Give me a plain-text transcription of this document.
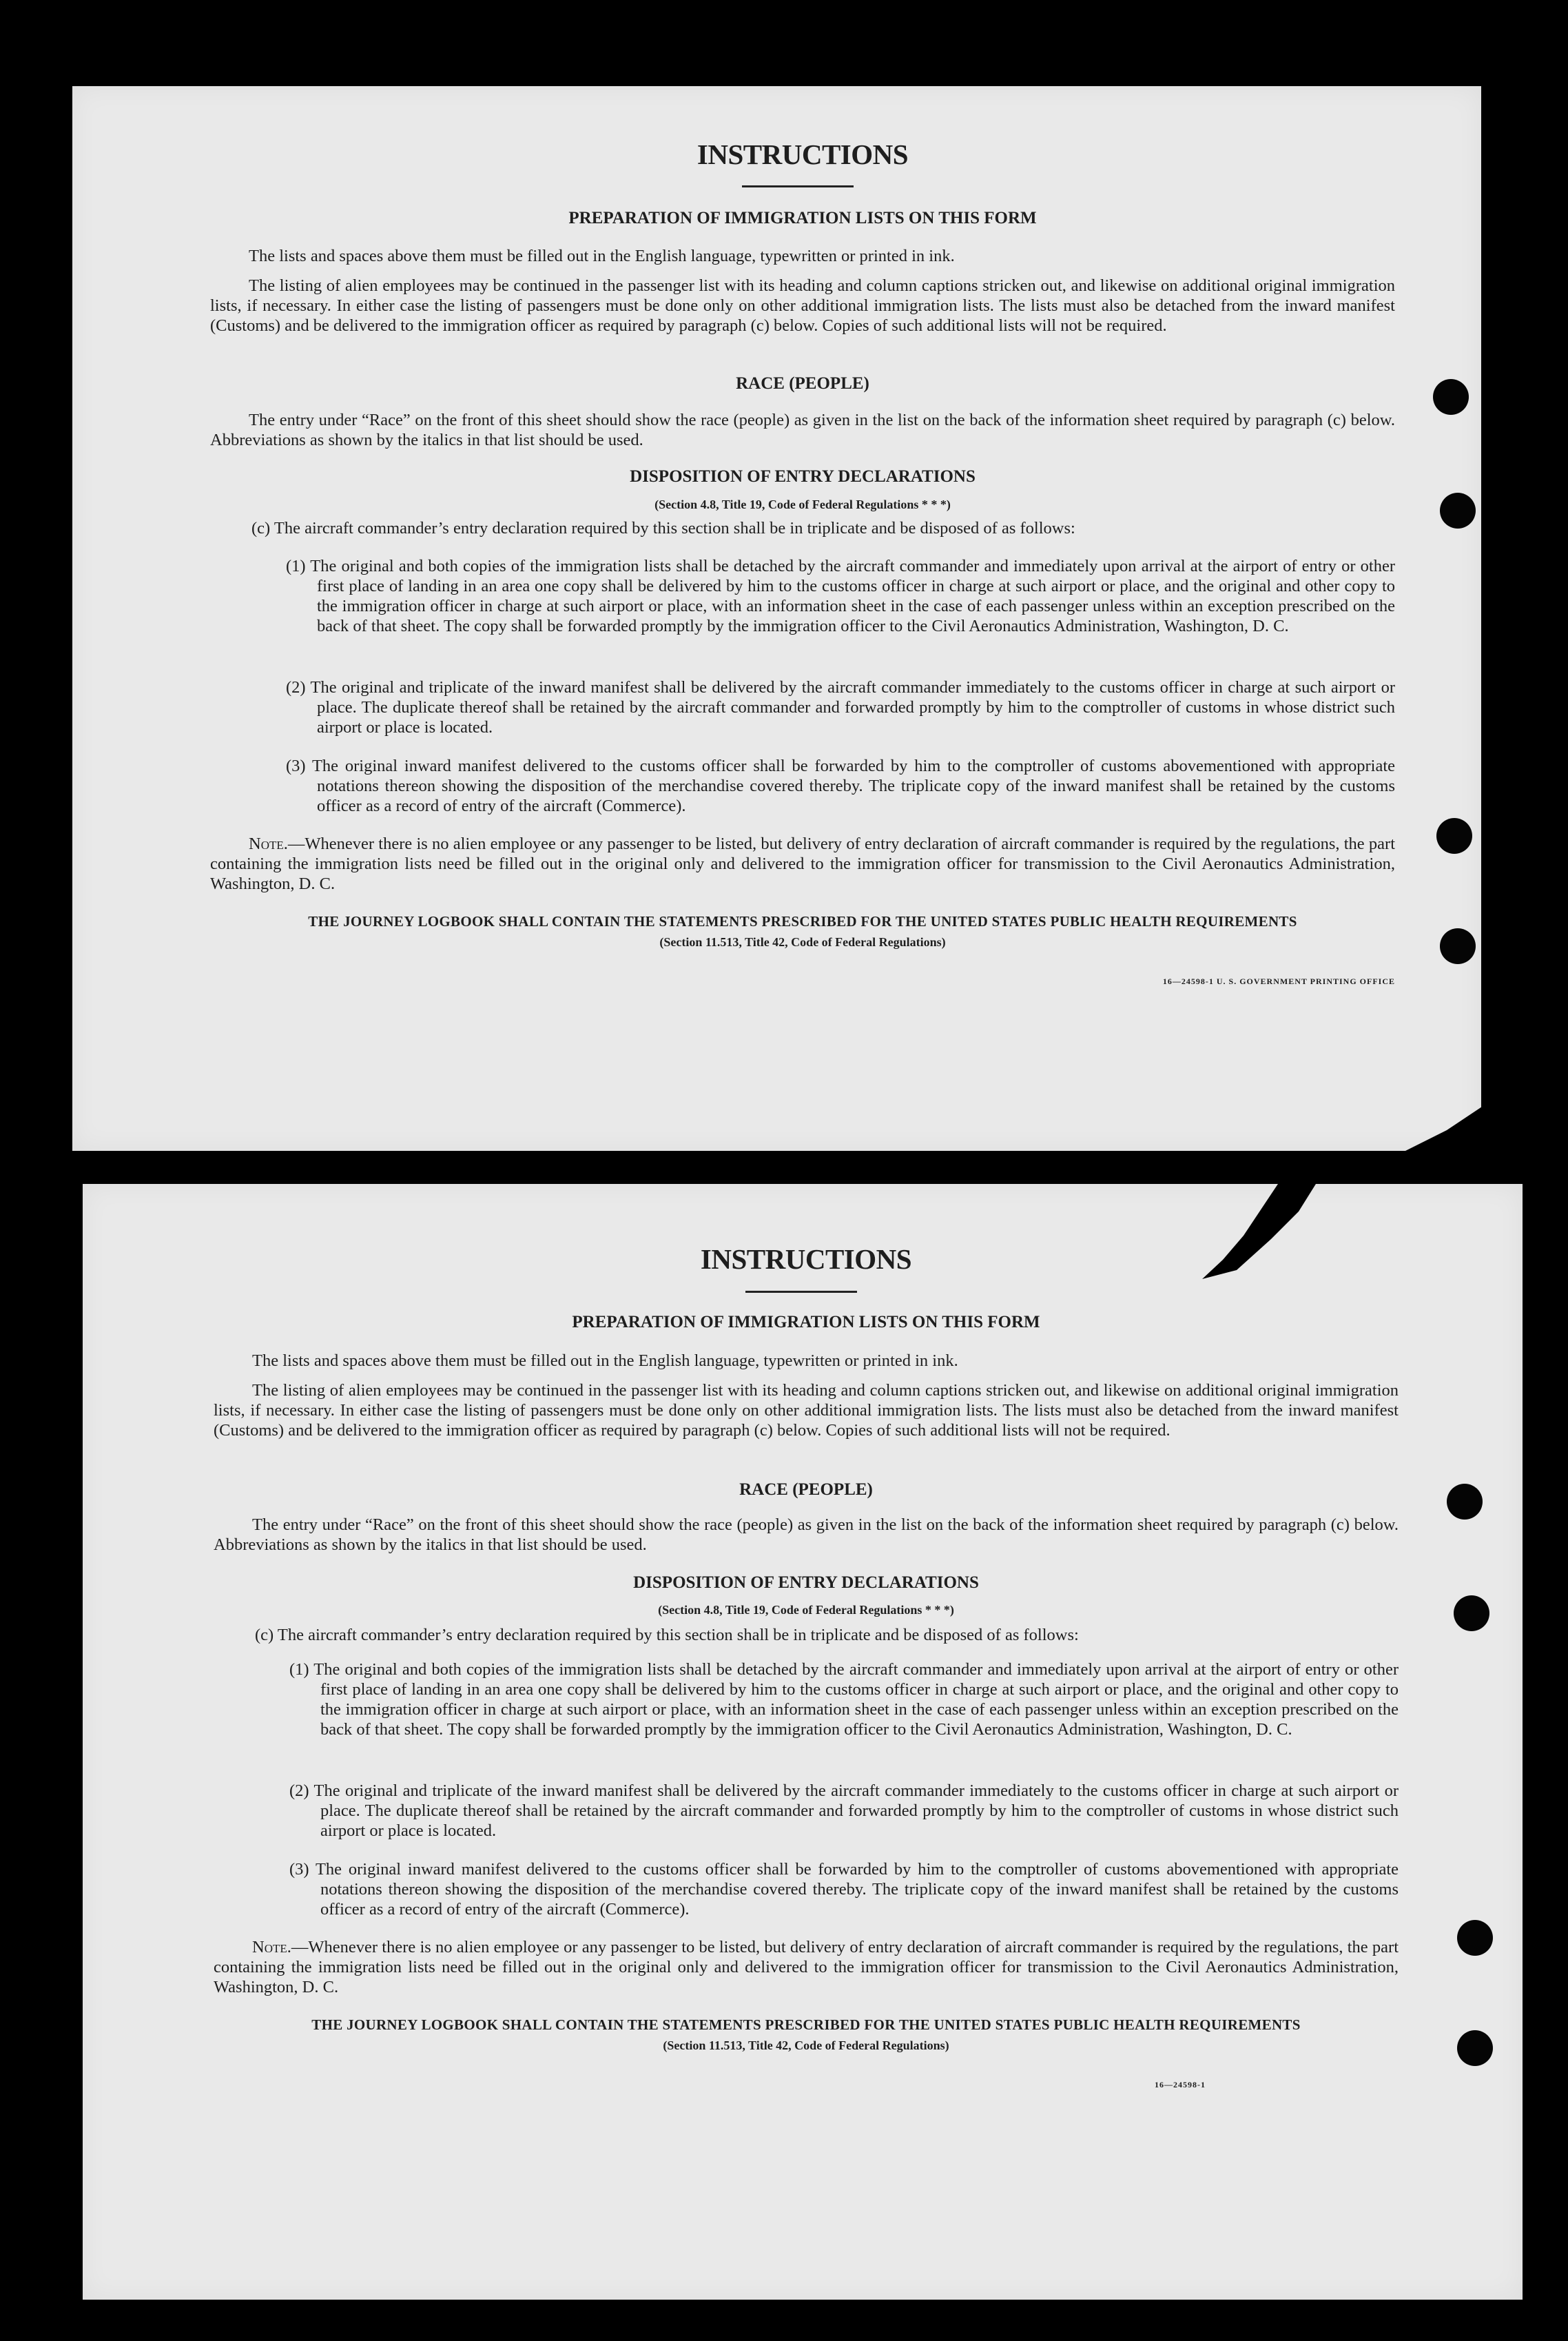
INSTRUCTIONS
PREPARATION OF IMMIGRATION LISTS ON THIS FORM
The lists and spaces above them must be filled out in the English language, typewritten or printed in ink.
The listing of alien employees may be continued in the passenger list with its heading and column captions stricken out, and likewise on additional original immigration lists, if necessary. In either case the listing of passengers must be done only on other additional immigration lists. The lists must also be detached from the inward manifest (Customs) and be delivered to the immigration officer as required by paragraph (c) below. Copies of such additional lists will not be required.
RACE (PEOPLE)
The entry under “Race” on the front of this sheet should show the race (people) as given in the list on the back of the information sheet required by paragraph (c) below. Abbreviations as shown by the italics in that list should be used.
DISPOSITION OF ENTRY DECLARATIONS
(Section 4.8, Title 19, Code of Federal Regulations * * *)
(c) The aircraft commander’s entry declaration required by this section shall be in triplicate and be disposed of as follows:
(1) The original and both copies of the immigration lists shall be detached by the aircraft commander and immediately upon arrival at the airport of entry or other first place of landing in an area one copy shall be delivered by him to the customs officer in charge at such airport or place, and the original and other copy to the immigration officer in charge at such airport or place, with an information sheet in the case of each passenger unless within an exception prescribed on the back of that sheet. The copy shall be forwarded promptly by the immigration officer to the Civil Aeronautics Administration, Washington, D. C.
(2) The original and triplicate of the inward manifest shall be delivered by the aircraft commander immediately to the customs officer in charge at such airport or place. The duplicate thereof shall be retained by the aircraft commander and forwarded promptly by him to the comptroller of customs in whose district such airport or place is located.
(3) The original inward manifest delivered to the customs officer shall be forwarded by him to the comptroller of customs abovementioned with appropriate notations thereon showing the disposition of the merchandise covered thereby. The triplicate copy of the inward manifest shall be retained by the customs officer as a record of entry of the aircraft (Commerce).
Note.—Whenever there is no alien employee or any passenger to be listed, but delivery of entry declaration of aircraft commander is required by the regulations, the part containing the immigration lists need be filled out in the original only and delivered to the immigration officer for transmission to the Civil Aeronautics Administration, Washington, D. C.
THE JOURNEY LOGBOOK SHALL CONTAIN THE STATEMENTS PRESCRIBED FOR THE UNITED STATES PUBLIC HEALTH REQUIREMENTS
(Section 11.513, Title 42, Code of Federal Regulations)
16—24598-1 U. S. GOVERNMENT PRINTING OFFICE
INSTRUCTIONS
PREPARATION OF IMMIGRATION LISTS ON THIS FORM
The lists and spaces above them must be filled out in the English language, typewritten or printed in ink.
The listing of alien employees may be continued in the passenger list with its heading and column captions stricken out, and likewise on additional original immigration lists, if necessary. In either case the listing of passengers must be done only on other additional immigration lists. The lists must also be detached from the inward manifest (Customs) and be delivered to the immigration officer as required by paragraph (c) below. Copies of such additional lists will not be required.
RACE (PEOPLE)
The entry under “Race” on the front of this sheet should show the race (people) as given in the list on the back of the information sheet required by paragraph (c) below. Abbreviations as shown by the italics in that list should be used.
DISPOSITION OF ENTRY DECLARATIONS
(Section 4.8, Title 19, Code of Federal Regulations * * *)
(c) The aircraft commander’s entry declaration required by this section shall be in triplicate and be disposed of as follows:
(1) The original and both copies of the immigration lists shall be detached by the aircraft commander and immediately upon arrival at the airport of entry or other first place of landing in an area one copy shall be delivered by him to the customs officer in charge at such airport or place, and the original and other copy to the immigration officer in charge at such airport or place, with an information sheet in the case of each passenger unless within an exception prescribed on the back of that sheet. The copy shall be forwarded promptly by the immigration officer to the Civil Aeronautics Administration, Washington, D. C.
(2) The original and triplicate of the inward manifest shall be delivered by the aircraft commander immediately to the customs officer in charge at such airport or place. The duplicate thereof shall be retained by the aircraft commander and forwarded promptly by him to the comptroller of customs in whose district such airport or place is located.
(3) The original inward manifest delivered to the customs officer shall be forwarded by him to the comptroller of customs abovementioned with appropriate notations thereon showing the disposition of the merchandise covered thereby. The triplicate copy of the inward manifest shall be retained by the customs officer as a record of entry of the aircraft (Commerce).
Note.—Whenever there is no alien employee or any passenger to be listed, but delivery of entry declaration of aircraft commander is required by the regulations, the part containing the immigration lists need be filled out in the original only and delivered to the immigration officer for transmission to the Civil Aeronautics Administration, Washington, D. C.
THE JOURNEY LOGBOOK SHALL CONTAIN THE STATEMENTS PRESCRIBED FOR THE UNITED STATES PUBLIC HEALTH REQUIREMENTS
(Section 11.513, Title 42, Code of Federal Regulations)
16—24598-1
